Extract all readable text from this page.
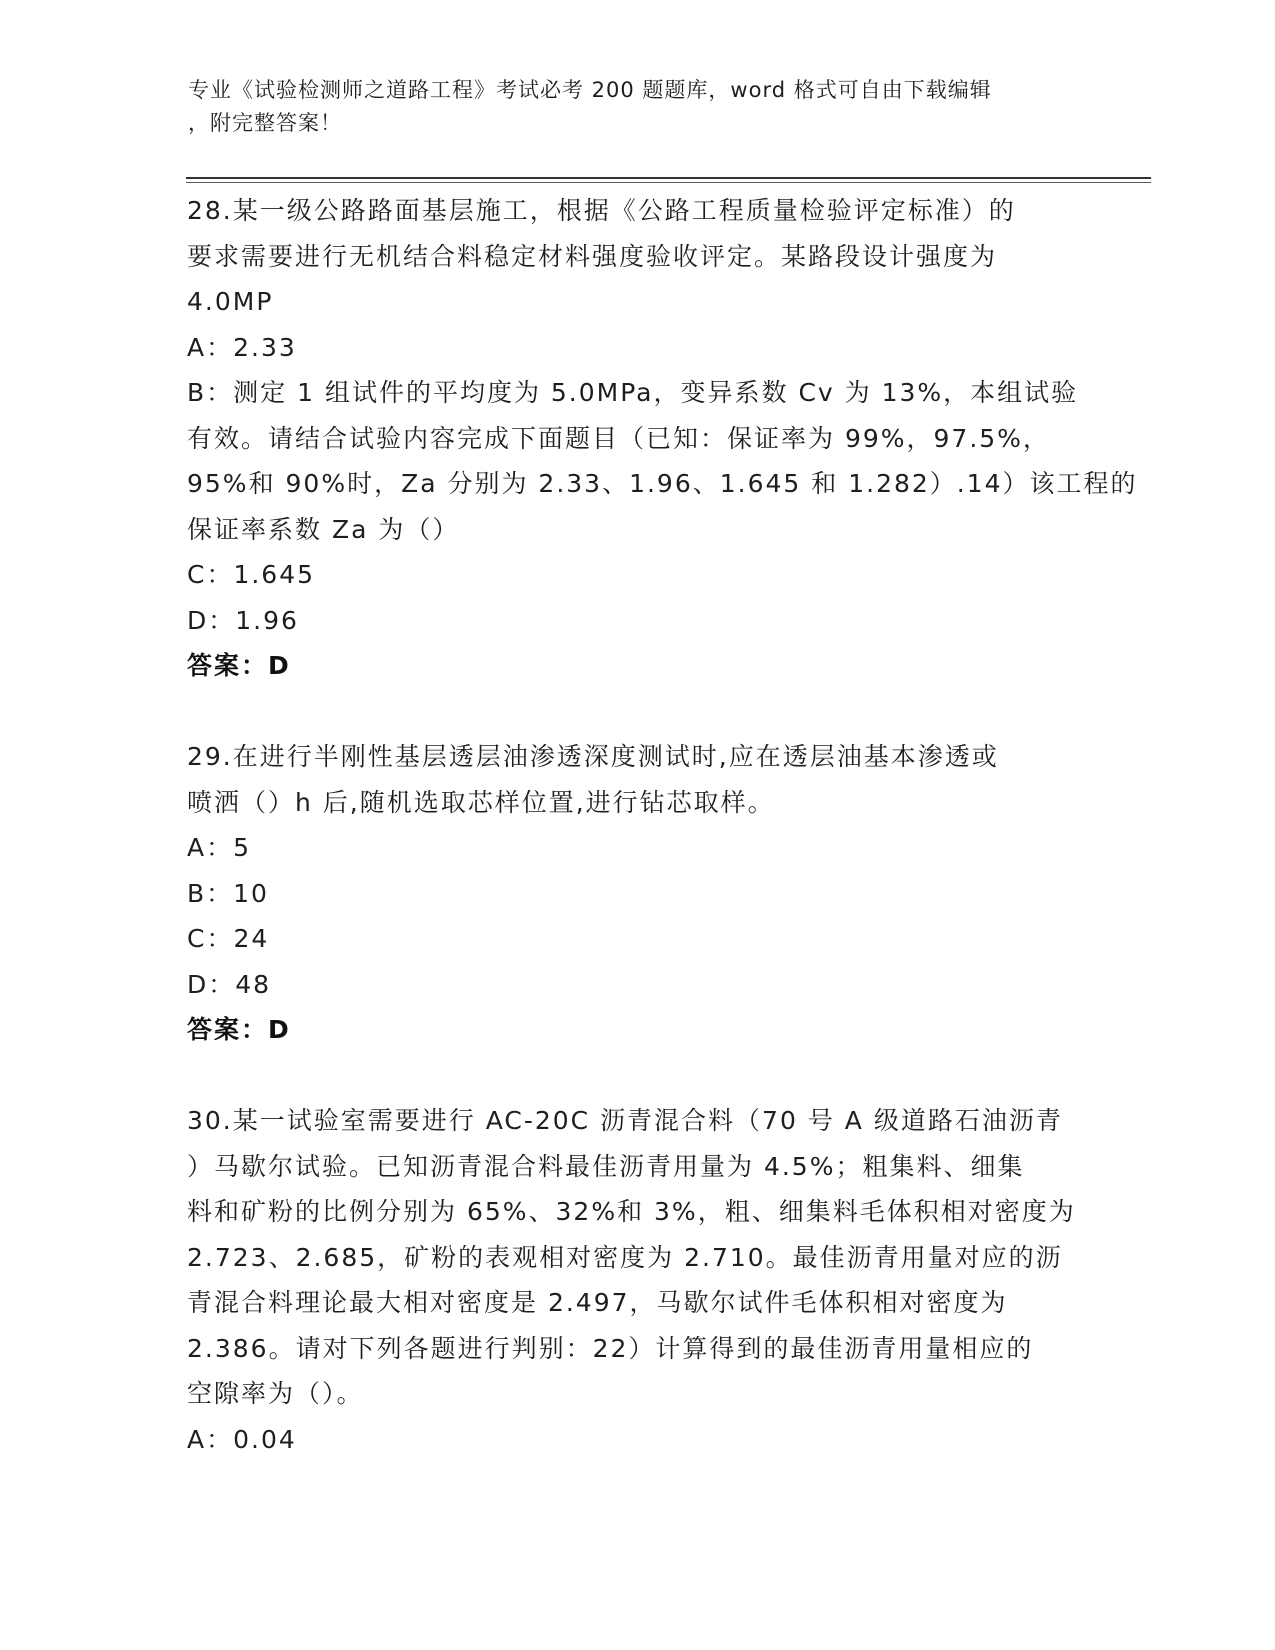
专业《试验检测师之道路工程》考试必考 200 题题库，word 格式可自由下载编辑
，附完整答案！
28.某一级公路路面基层施工，根据《公路工程质量检验评定标准）的
要求需要进行无机结合料稳定材料强度验收评定。某路段设计强度为
4.0MP
A：2.33
B：测定 1 组试件的平均度为 5.0MPa，变异系数 Cv 为 13%，本组试验
有效。请结合试验内容完成下面题目（已知：保证率为 99%，97.5%，
95%和 90%时，Za 分别为 2.33、1.96、1.645 和 1.282）.14）该工程的
保证率系数 Za 为（）
C：1.645
D：1.96
答案：D
29.在进行半刚性基层透层油渗透深度测试时,应在透层油基本渗透或
喷洒（）h 后,随机选取芯样位置,进行钻芯取样。
A：5
B：10
C：24
D：48
答案：D
30.某一试验室需要进行 AC-20C 沥青混合料（70 号 A 级道路石油沥青
）马歇尔试验。已知沥青混合料最佳沥青用量为 4.5%；粗集料、细集
料和矿粉的比例分别为 65%、32%和 3%，粗、细集料毛体积相对密度为
2.723、2.685，矿粉的表观相对密度为 2.710。最佳沥青用量对应的沥
青混合料理论最大相对密度是 2.497，马歇尔试件毛体积相对密度为
2.386。请对下列各题进行判别：22）计算得到的最佳沥青用量相应的
空隙率为（）。
A：0.04
